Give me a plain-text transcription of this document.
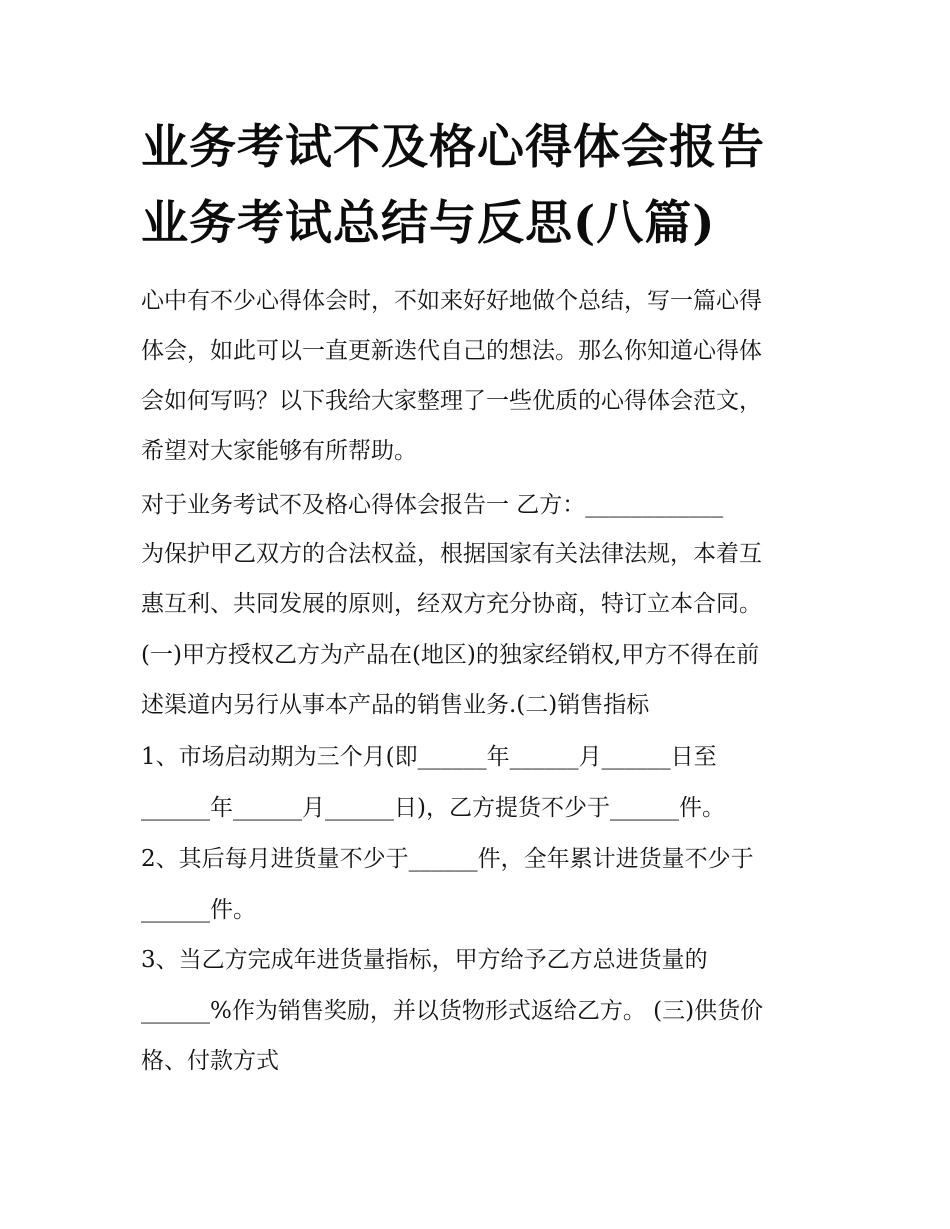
业务考试不及格心得体会报告
业务考试总结与反思(八篇)

心中有不少心得体会时，不如来好好地做个总结，写一篇心得

体会，如此可以一直更新迭代自己的想法。那么你知道心得体

会如何写吗？以下我给大家整理了一些优质的心得体会范文，

希望对大家能够有所帮助。

对于业务考试不及格心得体会报告一 乙方：____________

为保护甲乙双方的合法权益，根据国家有关法律法规，本着互

惠互利、共同发展的原则，经双方充分协商，特订立本合同。

(一)甲方授权乙方为产品在(地区)的独家经销权,甲方不得在前

述渠道内另行从事本产品的销售业务.(二)销售指标

1、市场启动期为三个月(即______年______月______日至

______年______月______日)，乙方提货不少于______件。

2、其后每月进货量不少于______件，全年累计进货量不少于

______件。

3、当乙方完成年进货量指标，甲方给予乙方总进货量的

______%作为销售奖励，并以货物形式返给乙方。 (三)供货价

格、付款方式
